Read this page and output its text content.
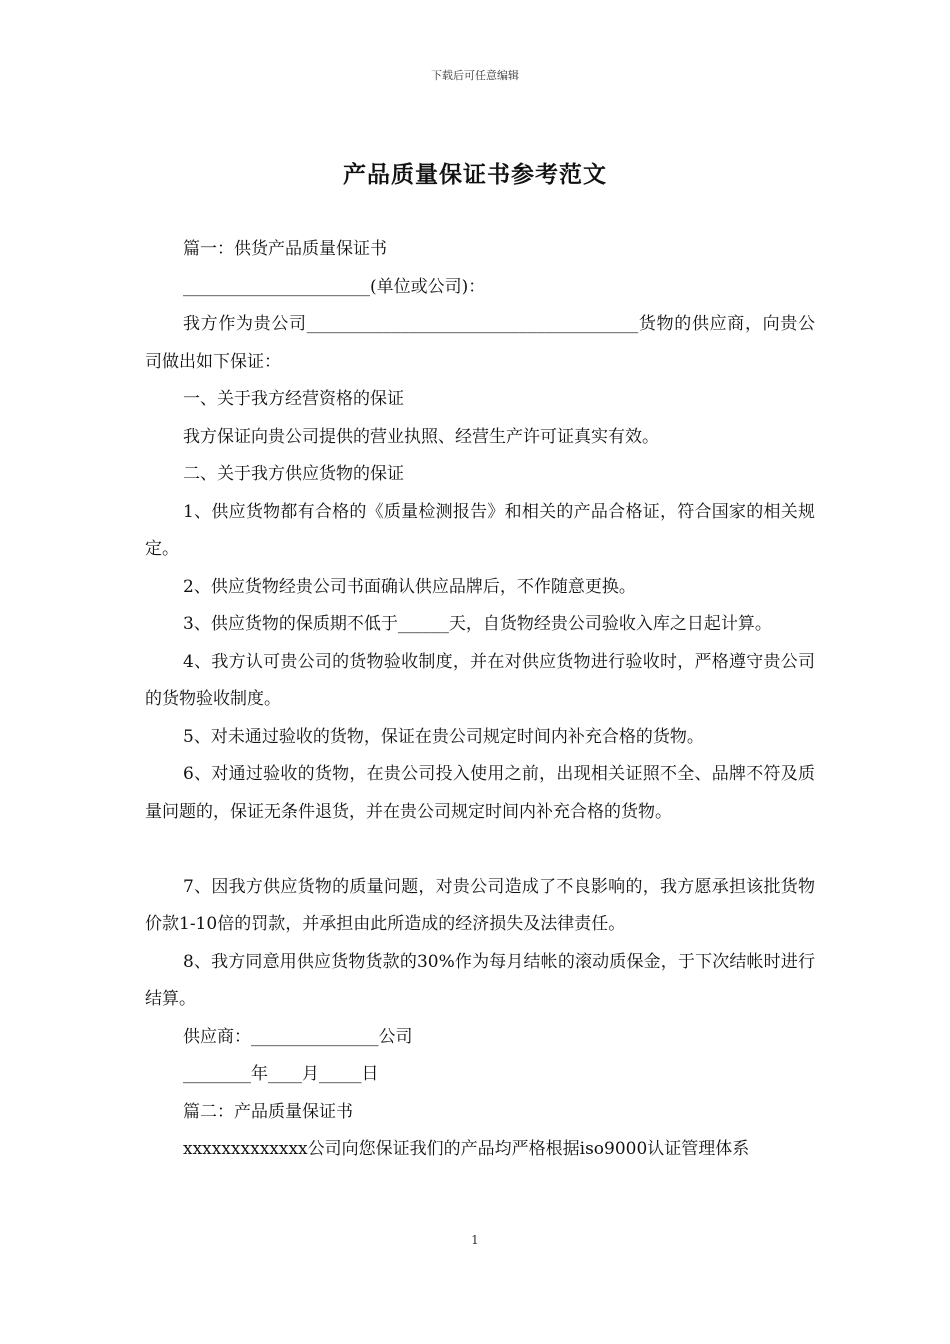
下载后可任意编辑
产品质量保证书参考范文

篇一：供货产品质量保证书

______________________(单位或公司)：

我方作为贵公司_______________________________________货物的供应商，向贵公司做出如下保证：

一、关于我方经营资格的保证

我方保证向贵公司提供的营业执照、经营生产许可证真实有效。

二、关于我方供应货物的保证

1、供应货物都有合格的《质量检测报告》和相关的产品合格证，符合国家的相关规定。

2、供应货物经贵公司书面确认供应品牌后，不作随意更换。

3、供应货物的保质期不低于______天，自货物经贵公司验收入库之日起计算。

4、我方认可贵公司的货物验收制度，并在对供应货物进行验收时，严格遵守贵公司的货物验收制度。

5、对未通过验收的货物，保证在贵公司规定时间内补充合格的货物。

6、对通过验收的货物，在贵公司投入使用之前，出现相关证照不全、品牌不符及质量问题的，保证无条件退货，并在贵公司规定时间内补充合格的货物。

7、因我方供应货物的质量问题，对贵公司造成了不良影响的，我方愿承担该批货物价款1-10倍的罚款，并承担由此所造成的经济损失及法律责任。

8、我方同意用供应货物货款的30%作为每月结帐的滚动质保金，于下次结帐时进行结算。

供应商：_______________公司

________年____月_____日

篇二：产品质量保证书

xxxxxxxxxxxxx公司向您保证我们的产品均严格根据iso9000认证管理体系

1
